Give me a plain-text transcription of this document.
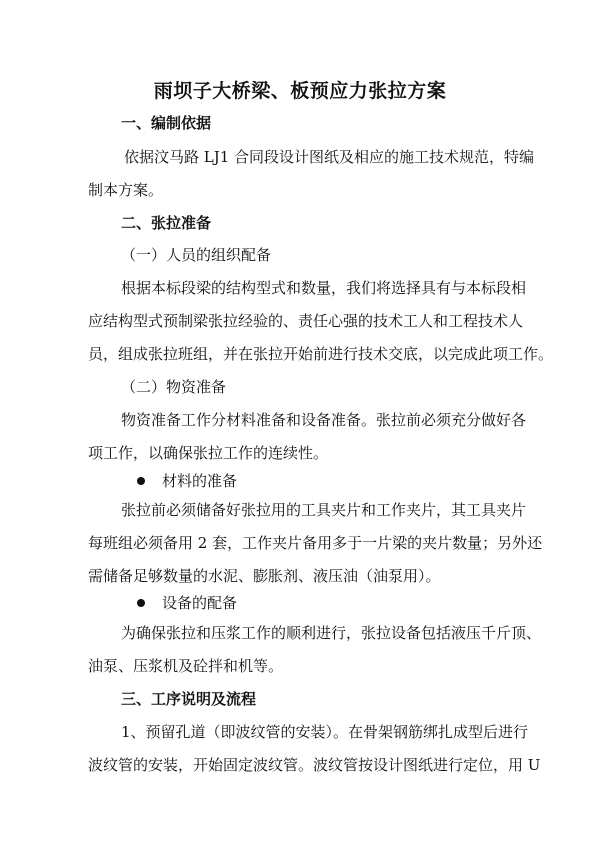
雨坝子大桥梁、板预应力张拉方案
一、编制依据
依据汶马路 LJ1 合同段设计图纸及相应的施工技术规范，特编
制本方案。
二、张拉准备
（一）人员的组织配备
根据本标段梁的结构型式和数量，我们将选择具有与本标段相
应结构型式预制梁张拉经验的、责任心强的技术工人和工程技术人
员，组成张拉班组，并在张拉开始前进行技术交底，以完成此项工作。
（二）物资准备
物资准备工作分材料准备和设备准备。张拉前必须充分做好各
项工作，以确保张拉工作的连续性。
材料的准备
张拉前必须储备好张拉用的工具夹片和工作夹片，其工具夹片
每班组必须备用 2 套，工作夹片备用多于一片梁的夹片数量；另外还
需储备足够数量的水泥、膨胀剂、液压油（油泵用）。
设备的配备
为确保张拉和压浆工作的顺利进行，张拉设备包括液压千斤顶、
油泵、压浆机及砼拌和机等。
三、工序说明及流程
1、预留孔道（即波纹管的安装）。在骨架钢筋绑扎成型后进行
波纹管的安装，开始固定波纹管。波纹管按设计图纸进行定位，用 U
